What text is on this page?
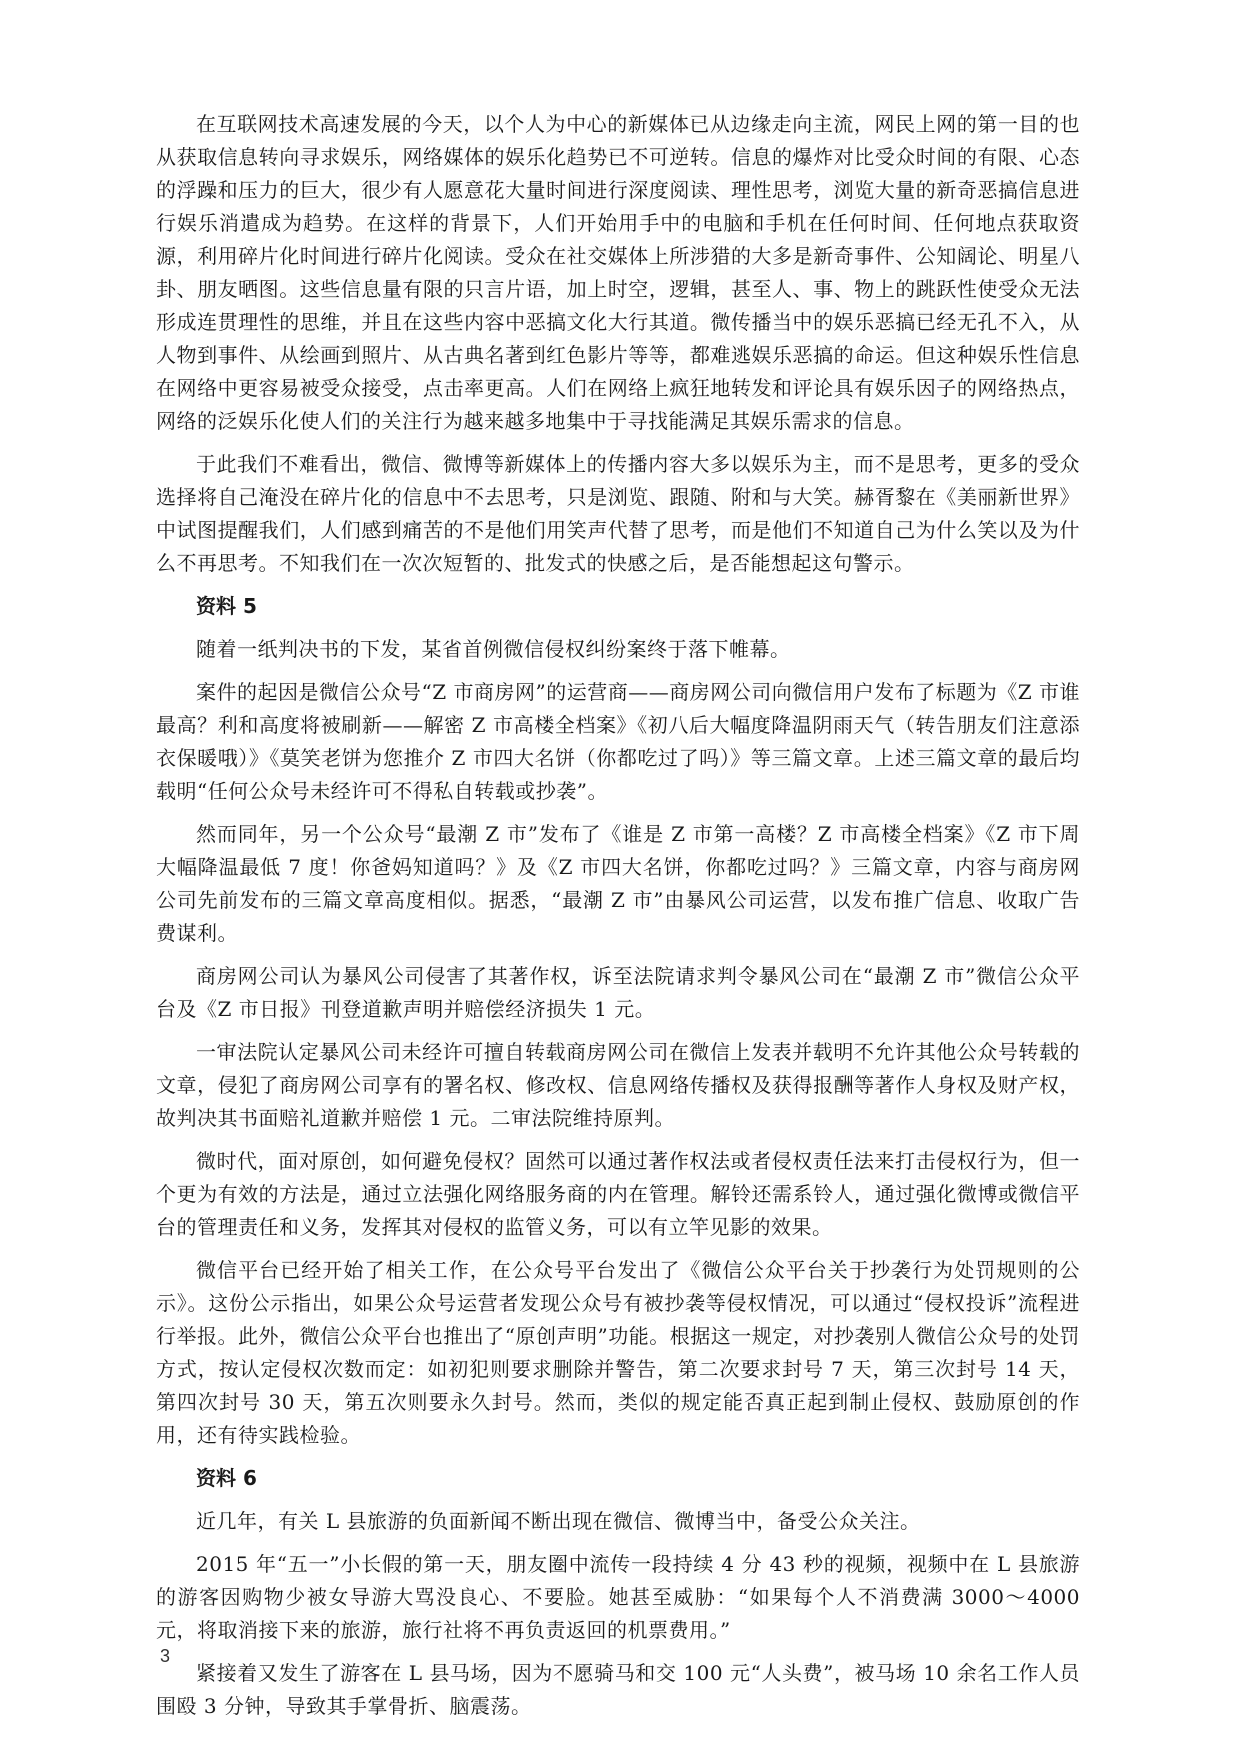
在互联网技术高速发展的今天，以个人为中心的新媒体已从边缘走向主流，网民上网的第一目的也从获取信息转向寻求娱乐，网络媒体的娱乐化趋势已不可逆转。信息的爆炸对比受众时间的有限、心态的浮躁和压力的巨大，很少有人愿意花大量时间进行深度阅读、理性思考，浏览大量的新奇恶搞信息进行娱乐消遣成为趋势。在这样的背景下，人们开始用手中的电脑和手机在任何时间、任何地点获取资源，利用碎片化时间进行碎片化阅读。受众在社交媒体上所涉猎的大多是新奇事件、公知阔论、明星八卦、朋友晒图。这些信息量有限的只言片语，加上时空，逻辑，甚至人、事、物上的跳跃性使受众无法形成连贯理性的思维，并且在这些内容中恶搞文化大行其道。微传播当中的娱乐恶搞已经无孔不入，从人物到事件、从绘画到照片、从古典名著到红色影片等等，都难逃娱乐恶搞的命运。但这种娱乐性信息在网络中更容易被受众接受，点击率更高。人们在网络上疯狂地转发和评论具有娱乐因子的网络热点，网络的泛娱乐化使人们的关注行为越来越多地集中于寻找能满足其娱乐需求的信息。

于此我们不难看出，微信、微博等新媒体上的传播内容大多以娱乐为主，而不是思考，更多的受众选择将自己淹没在碎片化的信息中不去思考，只是浏览、跟随、附和与大笑。赫胥黎在《美丽新世界》中试图提醒我们，人们感到痛苦的不是他们用笑声代替了思考，而是他们不知道自己为什么笑以及为什么不再思考。不知我们在一次次短暂的、批发式的快感之后，是否能想起这句警示。

资料 5

随着一纸判决书的下发，某省首例微信侵权纠纷案终于落下帷幕。

案件的起因是微信公众号“Z 市商房网”的运营商——商房网公司向微信用户发布了标题为《Z 市谁最高？利和高度将被刷新——解密 Z 市高楼全档案》《初八后大幅度降温阴雨天气（转告朋友们注意添衣保暖哦）》《莫笑老饼为您推介 Z 市四大名饼（你都吃过了吗）》等三篇文章。上述三篇文章的最后均载明“任何公众号未经许可不得私自转载或抄袭”。

然而同年，另一个公众号“最潮 Z 市”发布了《谁是 Z 市第一高楼？Z 市高楼全档案》《Z 市下周大幅降温最低 7 度！你爸妈知道吗？》及《Z 市四大名饼，你都吃过吗？》三篇文章，内容与商房网公司先前发布的三篇文章高度相似。据悉，“最潮 Z 市”由暴风公司运营，以发布推广信息、收取广告费谋利。

商房网公司认为暴风公司侵害了其著作权，诉至法院请求判令暴风公司在“最潮 Z 市”微信公众平台及《Z 市日报》刊登道歉声明并赔偿经济损失 1 元。

一审法院认定暴风公司未经许可擅自转载商房网公司在微信上发表并载明不允许其他公众号转载的文章，侵犯了商房网公司享有的署名权、修改权、信息网络传播权及获得报酬等著作人身权及财产权，故判决其书面赔礼道歉并赔偿 1 元。二审法院维持原判。

微时代，面对原创，如何避免侵权？固然可以通过著作权法或者侵权责任法来打击侵权行为，但一个更为有效的方法是，通过立法强化网络服务商的内在管理。解铃还需系铃人，通过强化微博或微信平台的管理责任和义务，发挥其对侵权的监管义务，可以有立竿见影的效果。

微信平台已经开始了相关工作，在公众号平台发出了《微信公众平台关于抄袭行为处罚规则的公示》。这份公示指出，如果公众号运营者发现公众号有被抄袭等侵权情况，可以通过“侵权投诉”流程进行举报。此外，微信公众平台也推出了“原创声明”功能。根据这一规定，对抄袭别人微信公众号的处罚方式，按认定侵权次数而定：如初犯则要求删除并警告，第二次要求封号 7 天，第三次封号 14 天，第四次封号 30 天，第五次则要永久封号。然而，类似的规定能否真正起到制止侵权、鼓励原创的作用，还有待实践检验。

资料 6

近几年，有关 L 县旅游的负面新闻不断出现在微信、微博当中，备受公众关注。

2015 年“五一”小长假的第一天，朋友圈中流传一段持续 4 分 43 秒的视频，视频中在 L 县旅游的游客因购物少被女导游大骂没良心、不要脸。她甚至威胁：“如果每个人不消费满 3000～4000 元，将取消接下来的旅游，旅行社将不再负责返回的机票费用。”

紧接着又发生了游客在 L 县马场，因为不愿骑马和交 100 元“人头费”，被马场 10 余名工作人员围殴 3 分钟，导致其手掌骨折、脑震荡。

3
